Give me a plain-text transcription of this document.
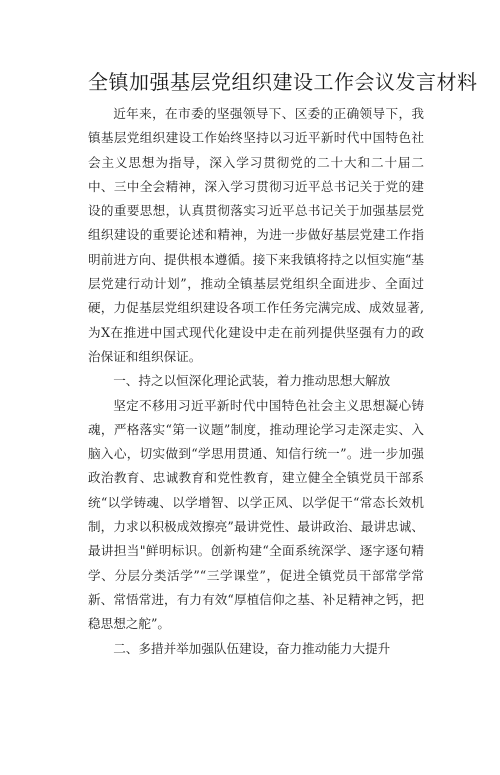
全镇加强基层党组织建设工作会议发言材料

近年来，在市委的坚强领导下、区委的正确领导下，我镇基层党组织建设工作始终坚持以习近平新时代中国特色社会主义思想为指导，深入学习贯彻党的二十大和二十届二中、三中全会精神，深入学习贯彻习近平总书记关于党的建设的重要思想，认真贯彻落实习近平总书记关于加强基层党组织建设的重要论述和精神，为进一步做好基层党建工作指明前进方向、提供根本遵循。接下来我镇将持之以恒实施“基层党建行动计划”，推动全镇基层党组织全面进步、全面过硬，力促基层党组织建设各项工作任务完满完成、成效显著,为X在推进中国式现代化建设中走在前列提供坚强有力的政治保证和组织保证。

一、持之以恒深化理论武装，着力推动思想大解放

坚定不移用习近平新时代中国特色社会主义思想凝心铸魂，严格落实“第一议题”制度，推动理论学习走深走实、入脑入心，切实做到“学思用贯通、知信行统一”。进一步加强政治教育、忠诚教育和党性教育，建立健全全镇党员干部系统“以学铸魂、以学增智、以学正风、以学促干“常态长效机制，力求以积极成效擦亮”最讲党性、最讲政治、最讲忠诚、最讲担当"鲜明标识。创新构建“全面系统深学、逐字逐句精学、分层分类活学”“三学课堂”，促进全镇党员干部常学常新、常悟常进，有力有效“厚植信仰之基、补足精神之钙，把稳思想之舵”。

二、多措并举加强队伍建设，奋力推动能力大提升
